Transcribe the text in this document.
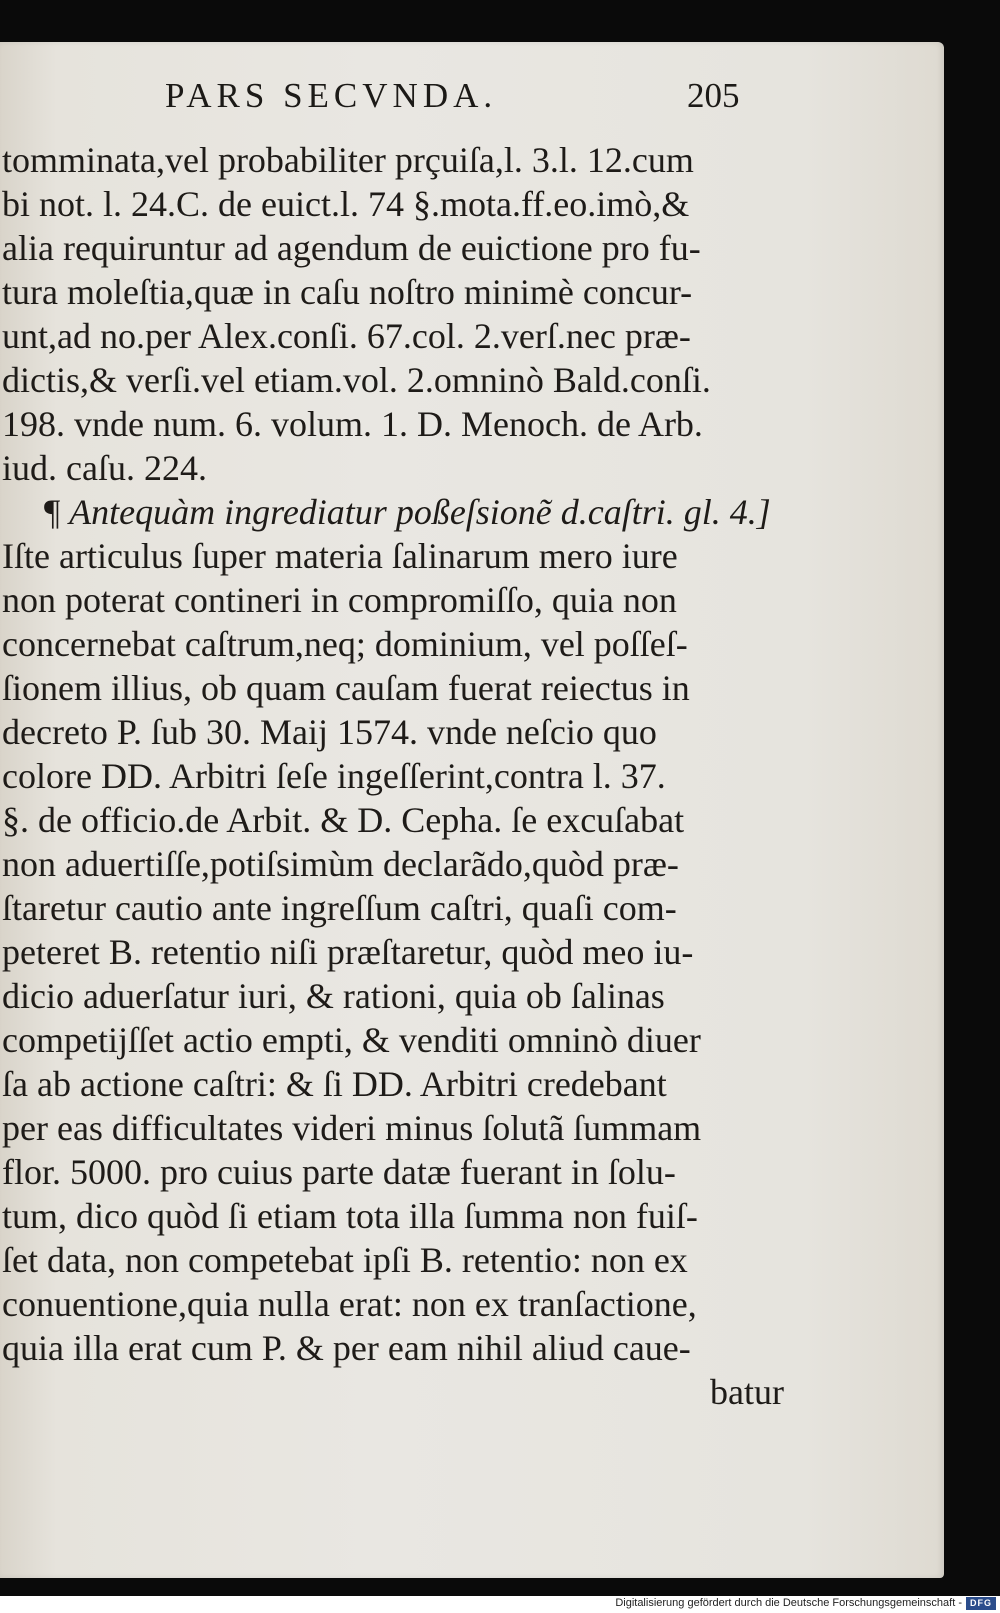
PARS SECVNDA.	205
tomminata,vel probabiliter prçuiſa,l. 3.l. 12.cum
bi not. l. 24.C. de euict.l. 74 §.mota.ff.eo.imò,&
alia requiruntur ad agendum de euictione pro fu-
tura moleſtia,quæ in caſu noſtro minimè concur-
unt,ad no.per Alex.conſi. 67.col. 2.verſ.nec præ-
dictis,& verſi.vel etiam.vol. 2.omninò Bald.conſi.
198. vnde num. 6. volum. 1. D. Menoch. de Arb.
iud. caſu. 224.
¶ Antequàm ingrediatur poßeſsionẽ d.caſtri. gl. 4.]
Iſte articulus ſuper materia ſalinarum mero iure
non poterat contineri in compromiſſo, quia non
concernebat caſtrum,neq; dominium, vel poſſeſ-
ſionem illius, ob quam cauſam fuerat reiectus in
decreto P. ſub 30. Maij 1574. vnde neſcio quo
colore DD. Arbitri ſeſe ingeſſerint,contra l. 37.
§. de officio.de Arbit. & D. Cepha. ſe excuſabat
non aduertiſſe,potiſsimùm declarãdo,quòd præ-
ſtaretur cautio ante ingreſſum caſtri, quaſi com-
peteret B. retentio niſi præſtaretur, quòd meo iu-
dicio aduerſatur iuri, & rationi, quia ob ſalinas
competijſſet actio empti, & venditi omninò diuer
ſa ab actione caſtri: & ſi DD. Arbitri credebant
per eas difficultates videri minus ſolutã ſummam
flor. 5000. pro cuius parte datæ fuerant in ſolu-
tum, dico quòd ſi etiam tota illa ſumma non fuiſ-
ſet data, non competebat ipſi B. retentio: non ex
conuentione,quia nulla erat: non ex tranſactione,
quia illa erat cum P. & per eam nihil aliud caue-
batur
Digitalisierung gefördert durch die Deutsche Forschungsgemeinschaft - DFG
